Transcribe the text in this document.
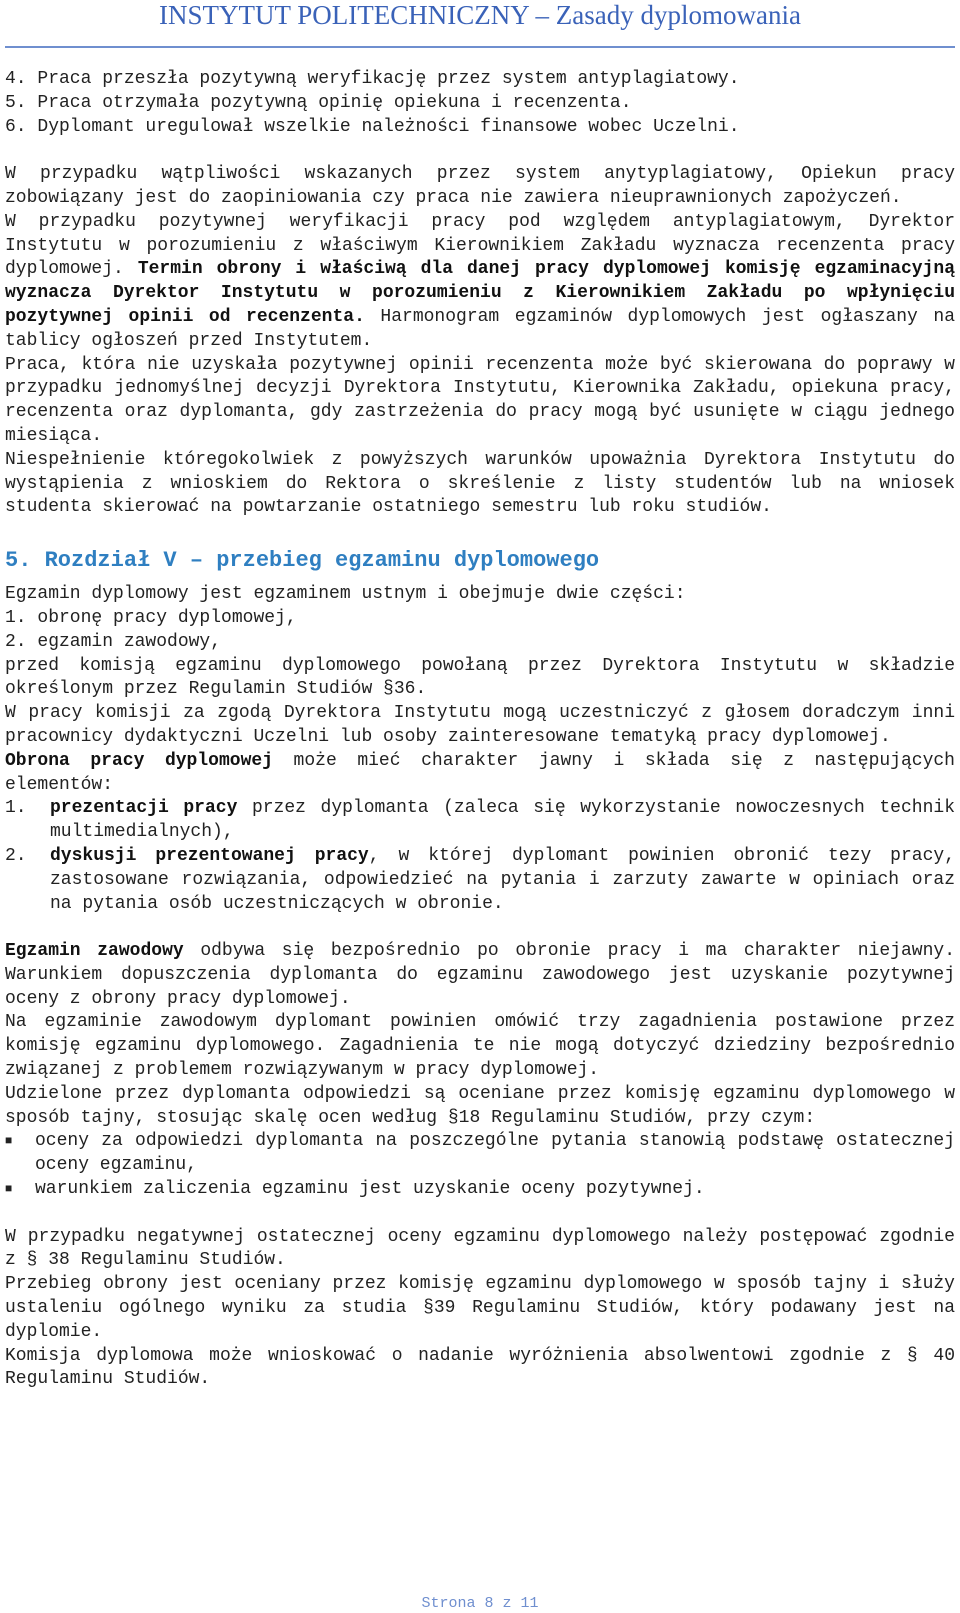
INSTYTUT POLITECHNICZNY – Zasady dyplomowania

4. Praca przeszła pozytywną weryfikację przez system antyplagiatowy.

5. Praca otrzymała pozytywną opinię opiekuna i recenzenta.

6. Dyplomant uregulował wszelkie należności finansowe wobec Uczelni.

W przypadku wątpliwości wskazanych przez system anytyplagiatowy, Opiekun pracy zobowiązany jest do zaopiniowania czy praca nie zawiera nieuprawnionych zapożyczeń.

W przypadku pozytywnej weryfikacji pracy pod względem antyplagiatowym, Dyrektor Instytutu w porozumieniu z właściwym Kierownikiem Zakładu wyznacza recenzenta pracy dyplomowej. Termin obrony i właściwą dla danej pracy dyplomowej komisję egzaminacyjną wyznacza Dyrektor Instytutu w porozumieniu z Kierownikiem Zakładu po wpłynięciu pozytywnej opinii od recenzenta. Harmonogram egzaminów dyplomowych jest ogłaszany na tablicy ogłoszeń przed Instytutem.

Praca, która nie uzyskała pozytywnej opinii recenzenta może być skierowana do poprawy w przypadku jednomyślnej decyzji Dyrektora Instytutu, Kierownika Zakładu, opiekuna pracy, recenzenta oraz dyplomanta, gdy zastrzeżenia do pracy mogą być usunięte w ciągu jednego miesiąca.

Niespełnienie któregokolwiek z powyższych warunków upoważnia Dyrektora Instytutu do wystąpienia z wnioskiem do Rektora o skreślenie z listy studentów lub na wniosek studenta skierować na powtarzanie ostatniego semestru lub roku studiów.

5. Rozdział V – przebieg egzaminu dyplomowego

Egzamin dyplomowy jest egzaminem ustnym i obejmuje dwie części:

1. obronę pracy dyplomowej,

2. egzamin zawodowy,

przed komisją egzaminu dyplomowego powołaną przez Dyrektora Instytutu w składzie określonym przez Regulamin Studiów §36.

W pracy komisji za zgodą Dyrektora Instytutu mogą uczestniczyć z głosem doradczym inni pracownicy dydaktyczni Uczelni lub osoby zainteresowane tematyką pracy dyplomowej.

Obrona pracy dyplomowej może mieć charakter jawny i składa się z następujących elementów:

1.	prezentacji pracy przez dyplomanta (zaleca się wykorzystanie nowoczesnych technik multimedialnych),
2.	dyskusji prezentowanej pracy, w której dyplomant powinien obronić tezy pracy, zastosowane rozwiązania, odpowiedzieć na pytania i zarzuty zawarte w opiniach oraz na pytania osób uczestniczących w obronie.

Egzamin zawodowy odbywa się bezpośrednio po obronie pracy i ma charakter niejawny. Warunkiem dopuszczenia dyplomanta do egzaminu zawodowego jest uzyskanie pozytywnej oceny z obrony pracy dyplomowej.

Na egzaminie zawodowym dyplomant powinien omówić trzy zagadnienia postawione przez komisję egzaminu dyplomowego. Zagadnienia te nie mogą dotyczyć dziedziny bezpośrednio związanej z problemem rozwiązywanym w pracy dyplomowej.

Udzielone przez dyplomanta odpowiedzi są oceniane przez komisję egzaminu dyplomowego w sposób tajny, stosując skalę ocen według §18 Regulaminu Studiów, przy czym:

■	oceny za odpowiedzi dyplomanta na poszczególne pytania stanowią podstawę ostatecznej oceny egzaminu,
■	warunkiem zaliczenia egzaminu jest uzyskanie oceny pozytywnej.

W przypadku negatywnej ostatecznej oceny egzaminu dyplomowego należy postępować zgodnie z § 38 Regulaminu Studiów.

Przebieg obrony jest oceniany przez komisję egzaminu dyplomowego w sposób tajny i służy ustaleniu ogólnego wyniku za studia §39 Regulaminu Studiów, który podawany jest na dyplomie.

Komisja dyplomowa może wnioskować o nadanie wyróżnienia absolwentowi zgodnie z § 40 Regulaminu Studiów.

Strona 8 z 11
